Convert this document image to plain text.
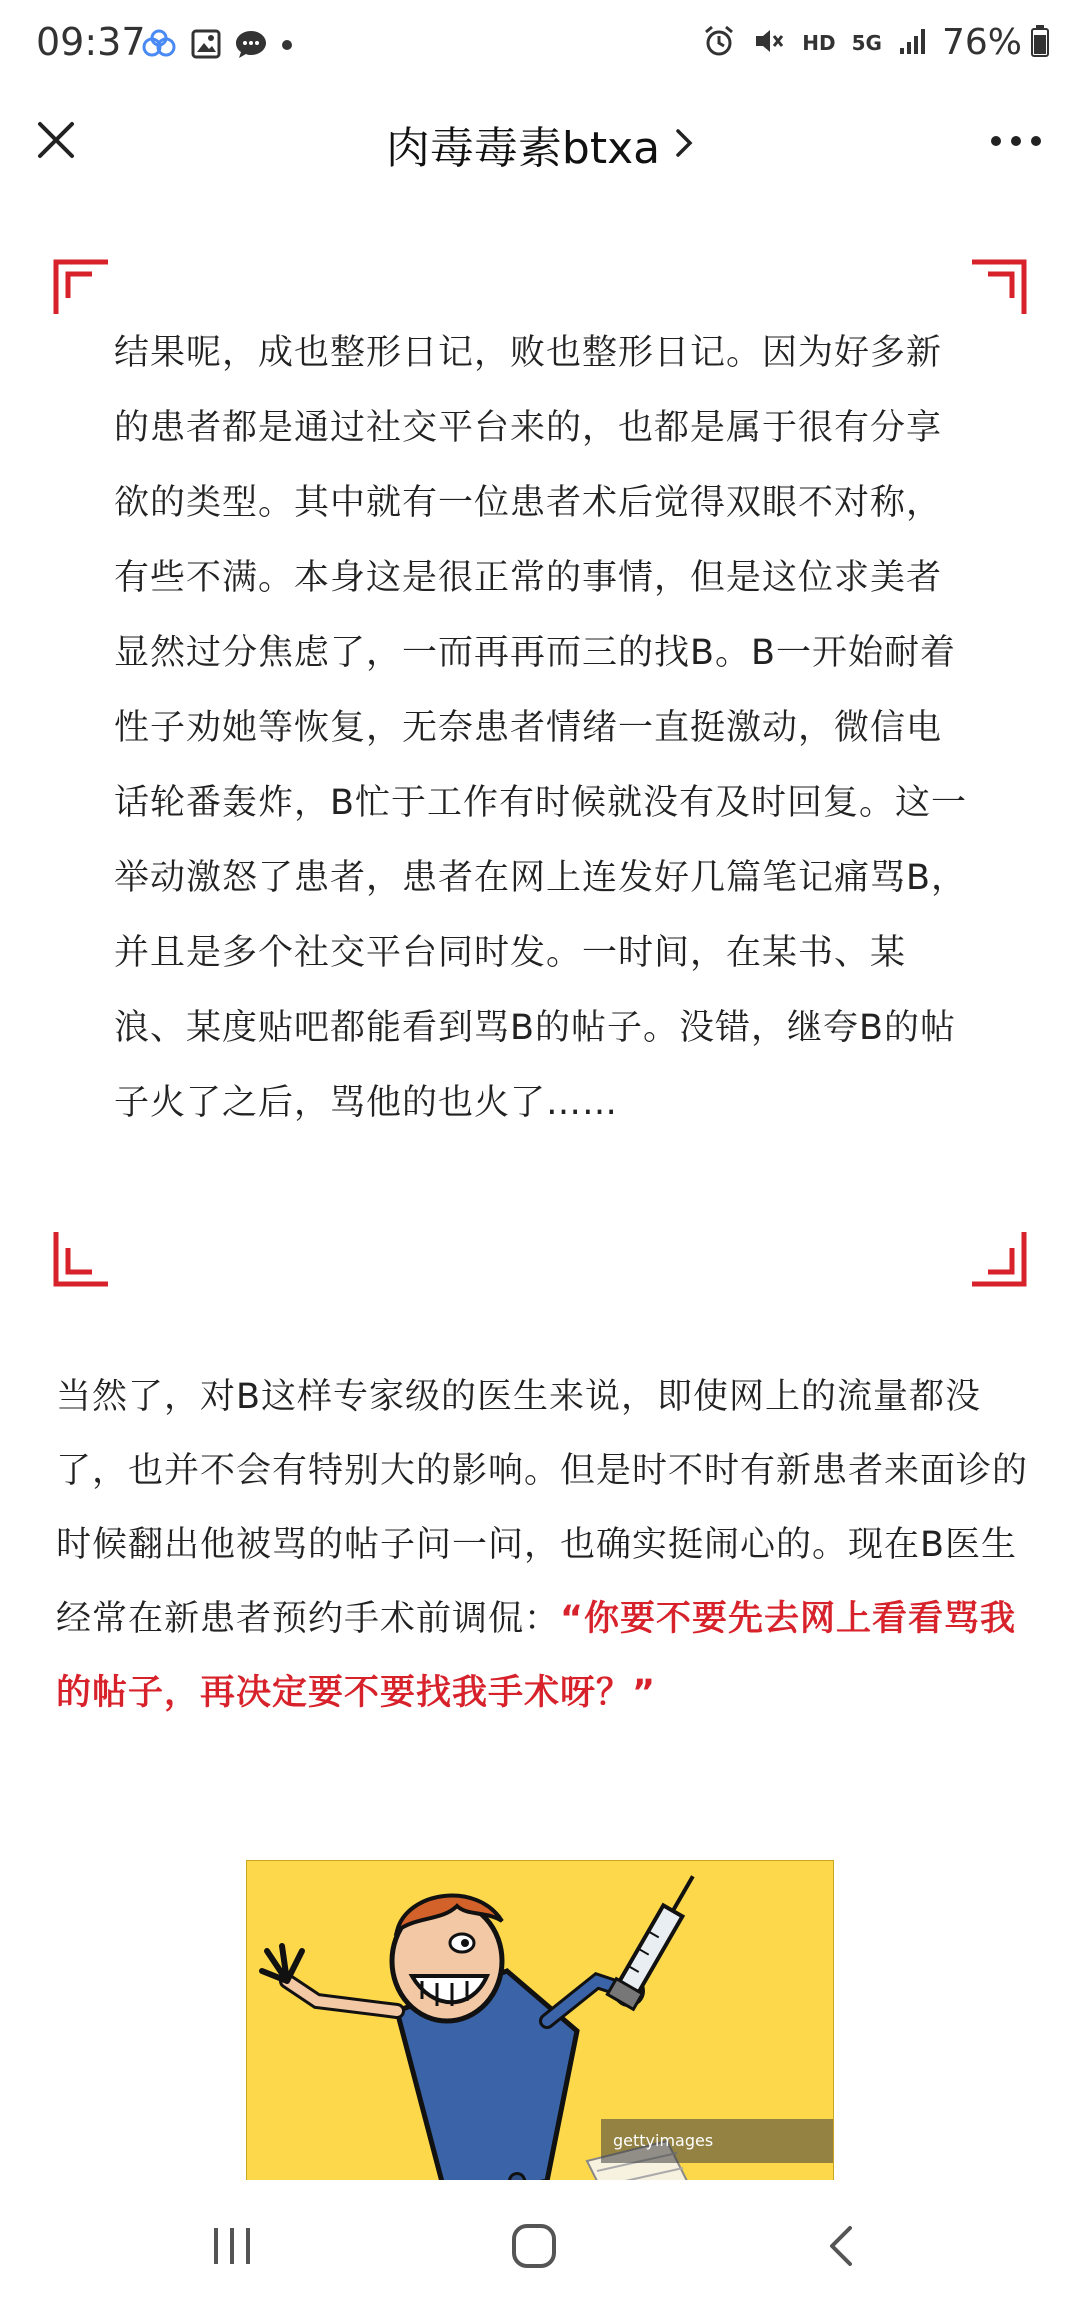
09:37	HD 5G 76%
肉毒毒素btxa
结果呢，成也整形日记，败也整形日记。因为好多新的患者都是通过社交平台来的，也都是属于很有分享欲的类型。其中就有一位患者术后觉得双眼不对称，有些不满。本身这是很正常的事情，但是这位求美者显然过分焦虑了，一而再再而三的找B。B一开始耐着性子劝她等恢复，无奈患者情绪一直挺激动，微信电话轮番轰炸，B忙于工作有时候就没有及时回复。这一举动激怒了患者，患者在网上连发好几篇笔记痛骂B，并且是多个社交平台同时发。一时间，在某书、某浪、某度贴吧都能看到骂B的帖子。没错，继夸B的帖子火了之后，骂他的也火了……
当然了，对B这样专家级的医生来说，即使网上的流量都没了，也并不会有特别大的影响。但是时不时有新患者来面诊的时候翻出他被骂的帖子问一问，也确实挺闹心的。现在B医生经常在新患者预约手术前调侃：“你要不要先去网上看看骂我的帖子，再决定要不要找我手术呀？”
gettyimages
